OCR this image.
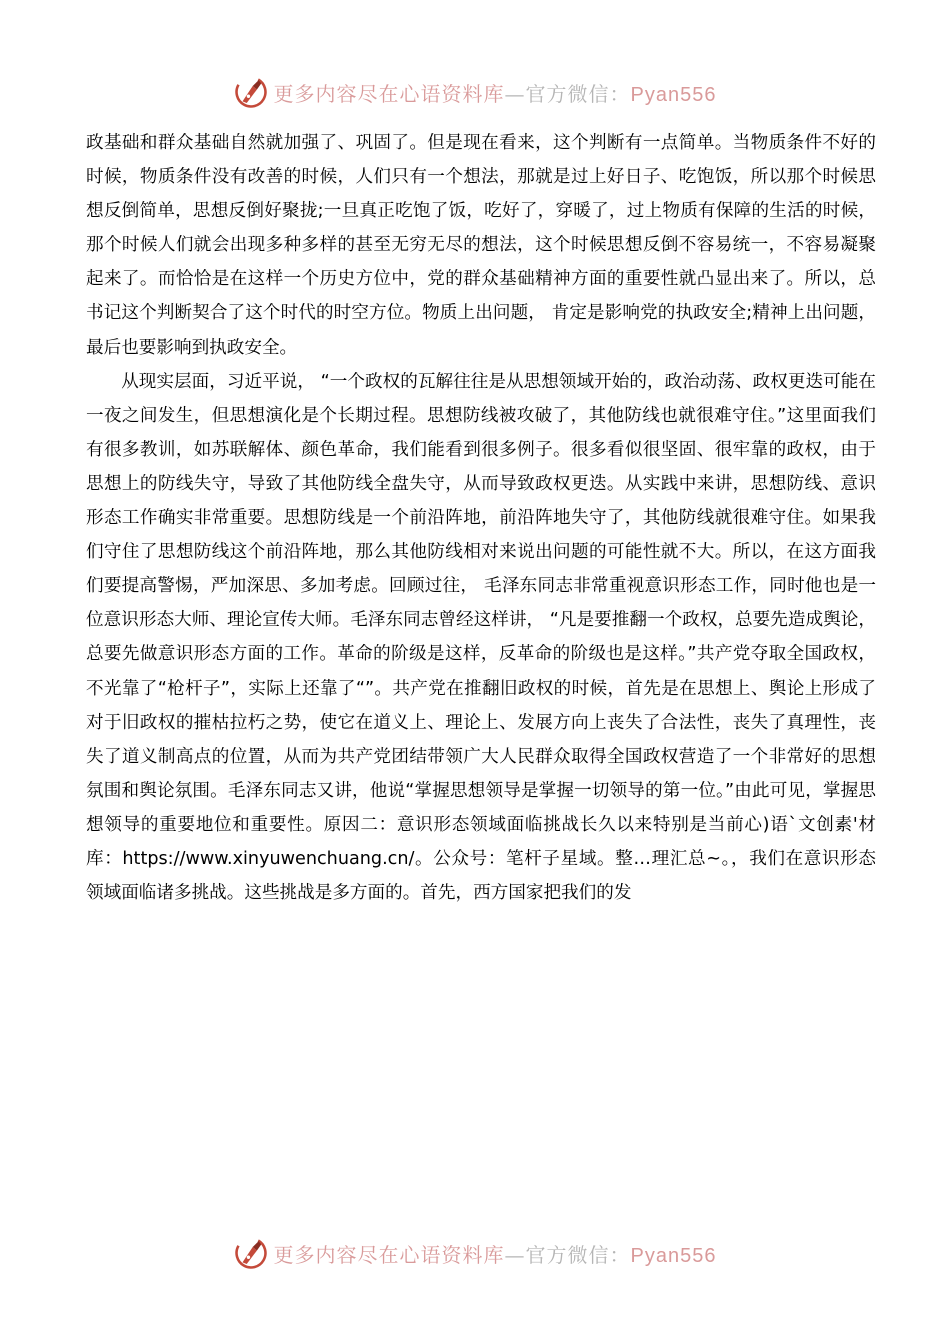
更多内容尽在心语资料库—官方微信：Pyan556

政基础和群众基础自然就加强了、巩固了。但是现在看来，这个判断有一点简单。当物质条件不好的时候，物质条件没有改善的时候，人们只有一个想法，那就是过上好日子、吃饱饭，所以那个时候思想反倒简单，思想反倒好聚拢;一旦真正吃饱了饭，吃好了，穿暖了，过上物质有保障的生活的时候，那个时候人们就会出现多种多样的甚至无穷无尽的想法，这个时候思想反倒不容易统一，不容易凝聚起来了。而恰恰是在这样一个历史方位中，党的群众基础精神方面的重要性就凸显出来了。所以，总书记这个判断契合了这个时代的时空方位。物质上出问题， 肯定是影响党的执政安全;精神上出问题，最后也要影响到执政安全。

从现实层面，习近平说， “一个政权的瓦解往往是从思想领域开始的，政治动荡、政权更迭可能在一夜之间发生，但思想演化是个长期过程。思想防线被攻破了，其他防线也就很难守住。”这里面我们有很多教训，如苏联解体、颜色革命，我们能看到很多例子。很多看似很坚固、很牢靠的政权，由于思想上的防线失守，导致了其他防线全盘失守，从而导致政权更迭。从实践中来讲，思想防线、意识形态工作确实非常重要。思想防线是一个前沿阵地，前沿阵地失守了，其他防线就很难守住。如果我们守住了思想防线这个前沿阵地，那么其他防线相对来说出问题的可能性就不大。所以，在这方面我们要提高警惕，严加深思、多加考虑。回顾过往， 毛泽东同志非常重视意识形态工作，同时他也是一位意识形态大师、理论宣传大师。毛泽东同志曾经这样讲， “凡是要推翻一个政权，总要先造成舆论，总要先做意识形态方面的工作。革命的阶级是这样，反革命的阶级也是这样。”共产党夺取全国政权，不光靠了“枪杆子”，实际上还靠了“”。共产党在推翻旧政权的时候，首先是在思想上、舆论上形成了对于旧政权的摧枯拉朽之势，使它在道义上、理论上、发展方向上丧失了合法性，丧失了真理性，丧失了道义制高点的位置，从而为共产党团结带领广大人民群众取得全国政权营造了一个非常好的思想氛围和舆论氛围。毛泽东同志又讲，他说“掌握思想领导是掌握一切领导的第一位。”由此可见，掌握思想领导的重要地位和重要性。原因二：意识形态领域面临挑战长久以来特别是当前心)语`文创素'材库：https://www.xinyuwenchuang.cn/。公众号：笔杆子星域。整…理汇总~。，我们在意识形态领域面临诸多挑战。这些挑战是多方面的。首先，西方国家把我们的发

更多内容尽在心语资料库—官方微信：Pyan556
